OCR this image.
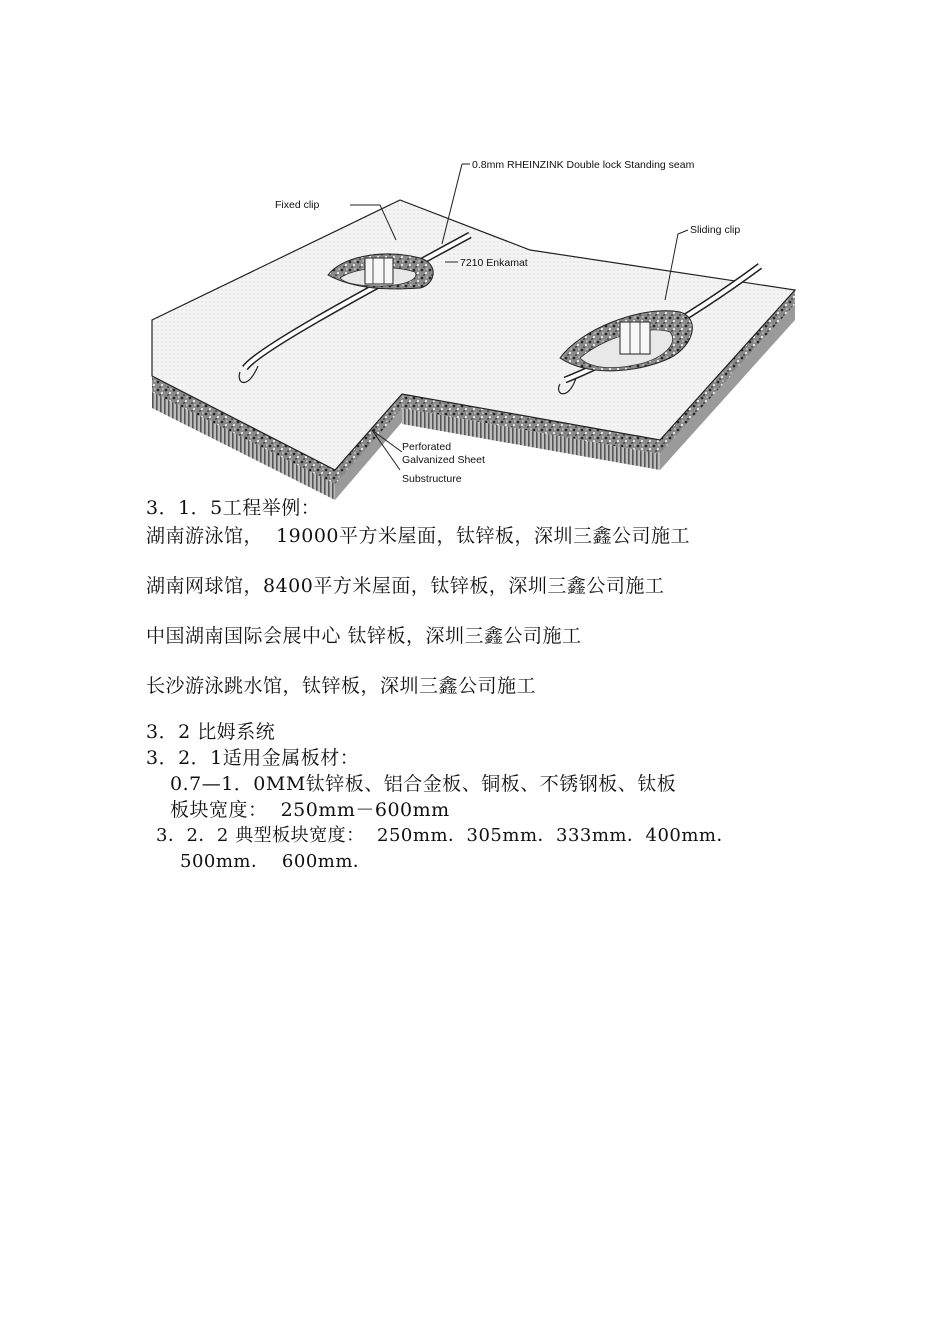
0.8mm RHEINZINK Double lock Standing seam
Fixed clip
7210 Enkamat
Sliding clip
Perforated
Galvanized Sheet
Substructure
3．1．5工程举例：
湖南游泳馆，  19000平方米屋面，钛锌板，深圳三鑫公司施工
湖南网球馆，8400平方米屋面，钛锌板，深圳三鑫公司施工
中国湖南国际会展中心 钛锌板，深圳三鑫公司施工
长沙游泳跳水馆，钛锌板，深圳三鑫公司施工
3．2 比姆系统
3．2．1适用金属板材：
0.7—1．0MM钛锌板、铝合金板、铜板、不锈钢板、钛板
板块宽度：  250mm－600mm
3．2．2 典型板块宽度：  250mm．305mm．333mm．400mm．
500mm．  600mm．
